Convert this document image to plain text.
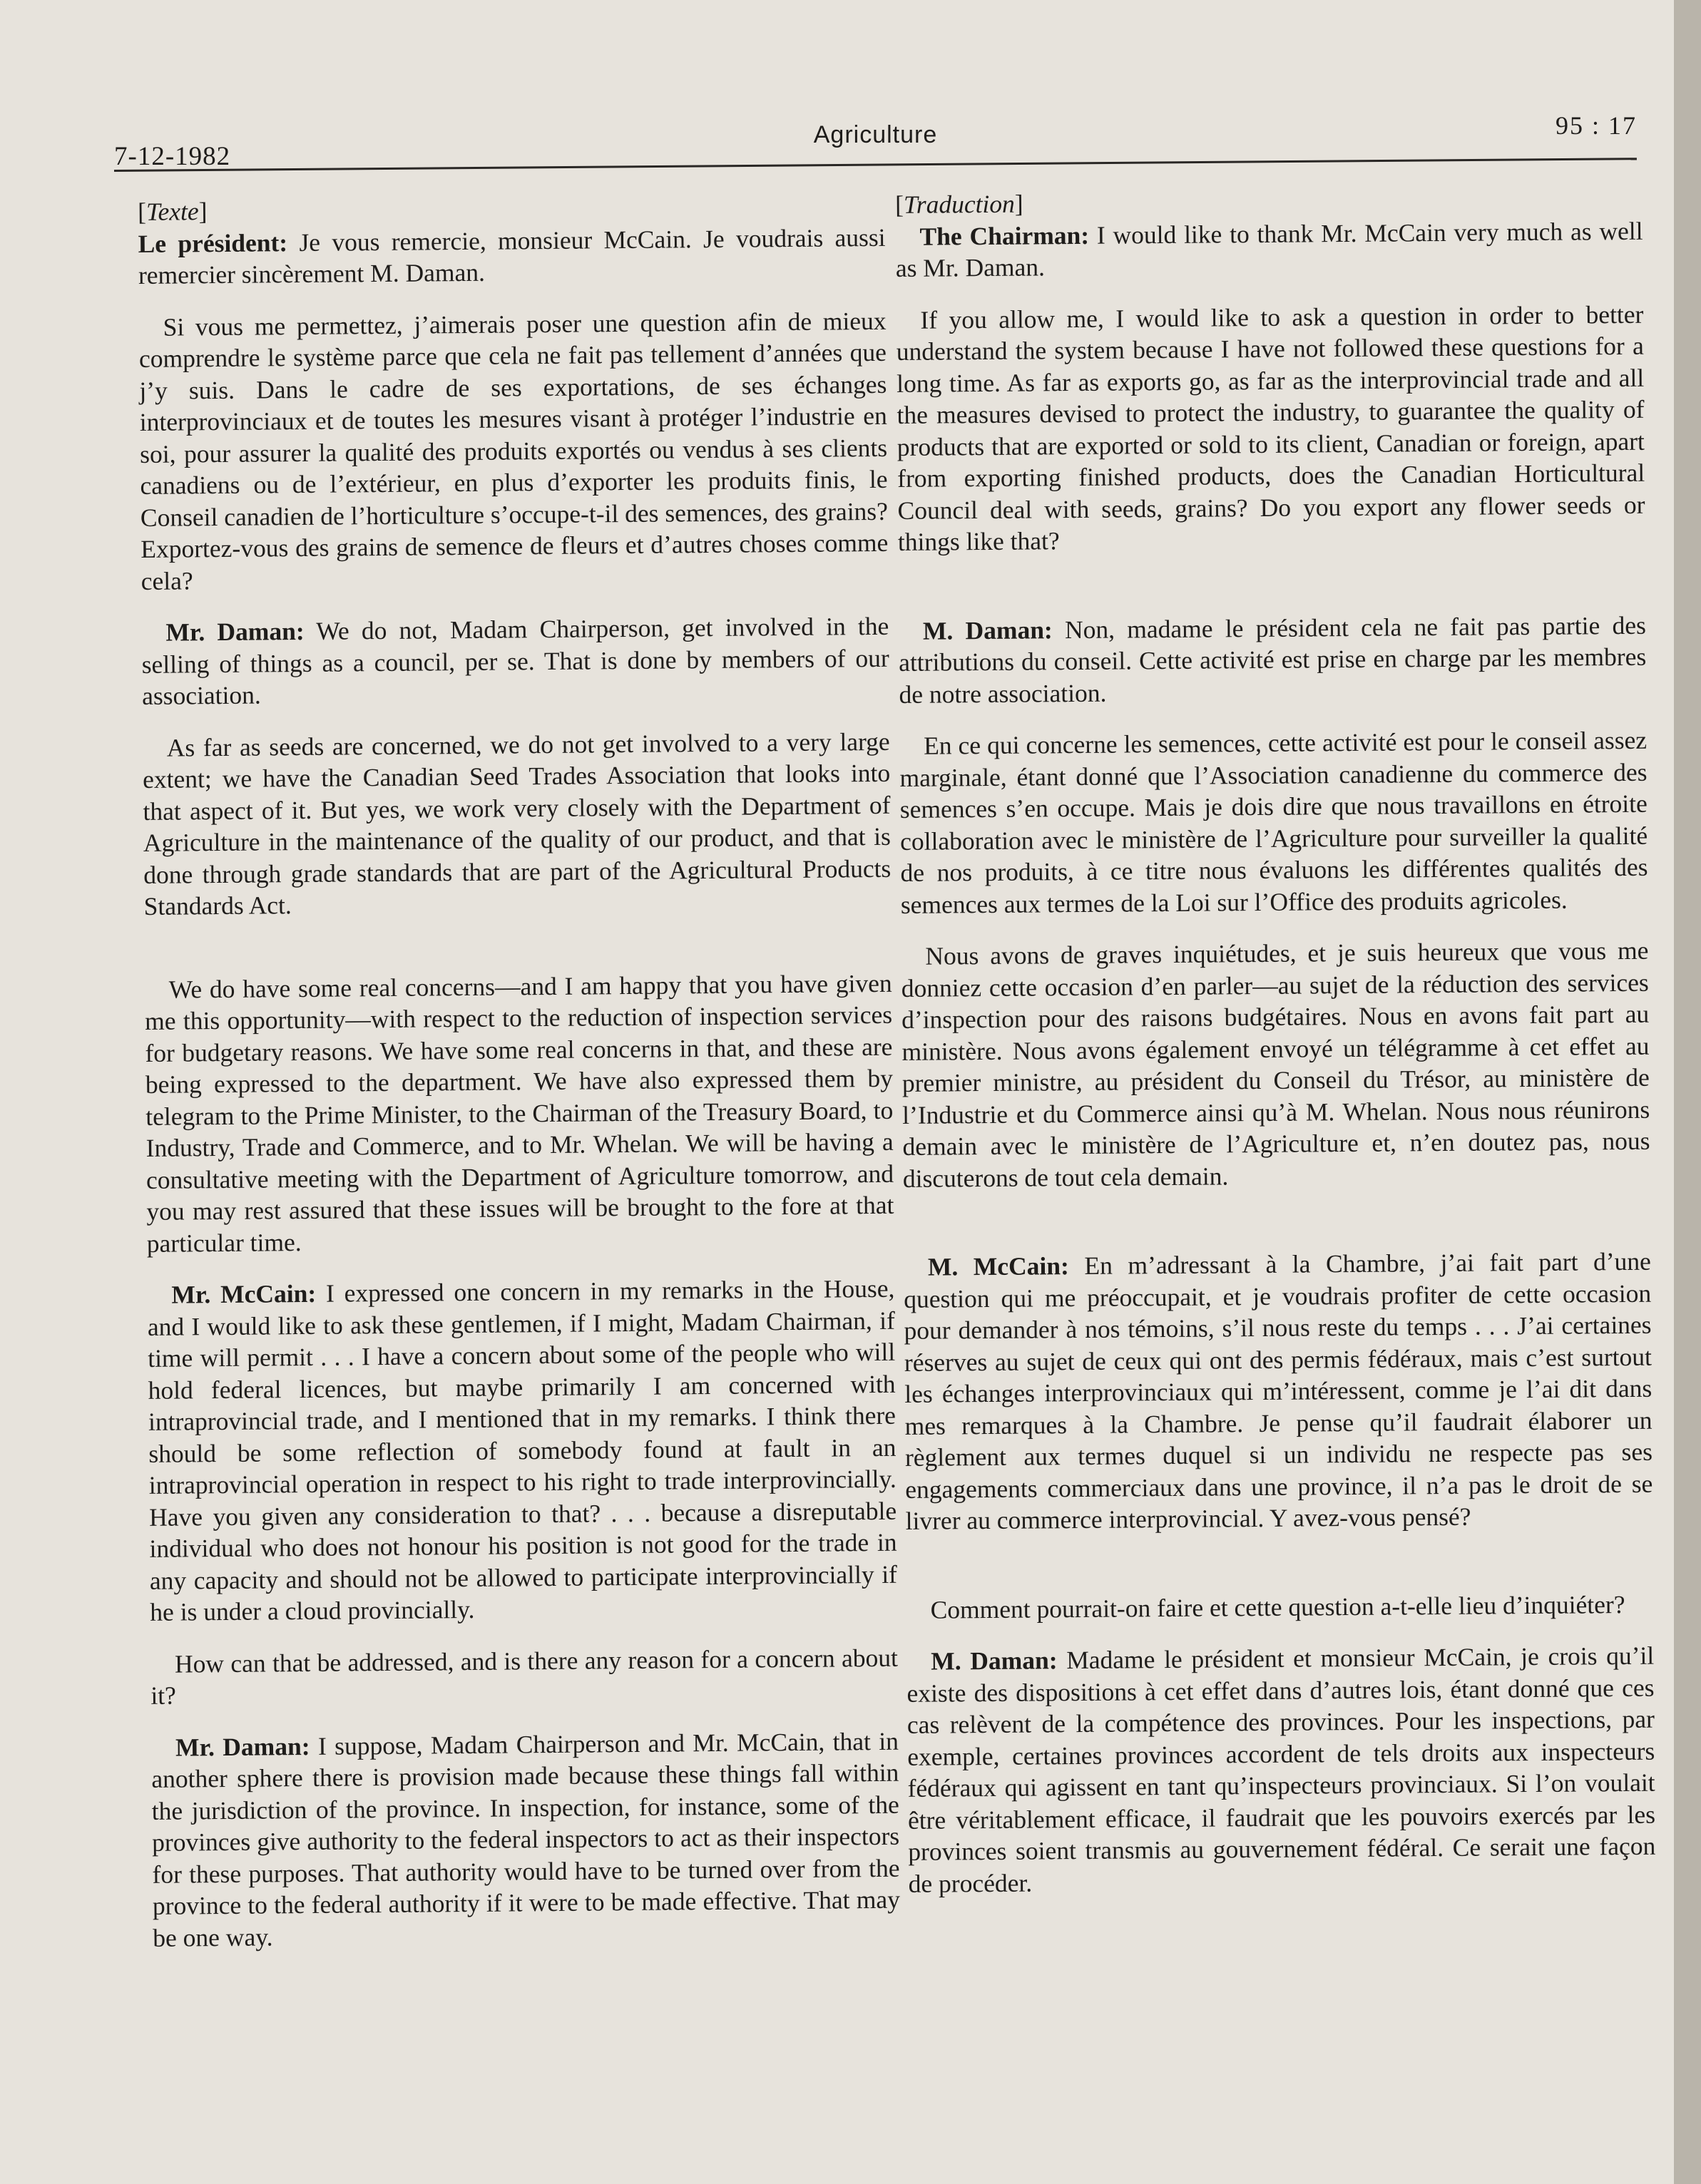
7-12-1982
Agriculture	95 : 17

[Texte]

Le président: Je vous remercie, monsieur McCain. Je voudrais aussi remercier sincèrement M. Daman.

Si vous me permettez, j’aimerais poser une question afin de mieux comprendre le système parce que cela ne fait pas tellement d’années que j’y suis. Dans le cadre de ses exportations, de ses échanges interprovinciaux et de toutes les mesures visant à protéger l’industrie en soi, pour assurer la qualité des produits exportés ou vendus à ses clients canadiens ou de l’extérieur, en plus d’exporter les produits finis, le Conseil canadien de l’horticulture s’occupe-t-il des semences, des grains? Exportez-vous des grains de semence de fleurs et d’autres choses comme cela?

Mr. Daman: We do not, Madam Chairperson, get involved in the selling of things as a council, per se. That is done by members of our association.

As far as seeds are concerned, we do not get involved to a very large extent; we have the Canadian Seed Trades Association that looks into that aspect of it. But yes, we work very closely with the Department of Agriculture in the maintenance of the quality of our product, and that is done through grade standards that are part of the Agricultural Products Standards Act.

We do have some real concerns—and I am happy that you have given me this opportunity—with respect to the reduction of inspection services for budgetary reasons. We have some real concerns in that, and these are being expressed to the department. We have also expressed them by telegram to the Prime Minister, to the Chairman of the Treasury Board, to Industry, Trade and Commerce, and to Mr. Whelan. We will be having a consultative meeting with the Department of Agriculture tomorrow, and you may rest assured that these issues will be brought to the fore at that particular time.

Mr. McCain: I expressed one concern in my remarks in the House, and I would like to ask these gentlemen, if I might, Madam Chairman, if time will permit . . . I have a concern about some of the people who will hold federal licences, but maybe primarily I am concerned with intraprovincial trade, and I mentioned that in my remarks. I think there should be some reflection of somebody found at fault in an intraprovincial operation in respect to his right to trade interprovincially. Have you given any consideration to that? . . . because a disreputable individual who does not honour his position is not good for the trade in any capacity and should not be allowed to participate interprovincially if he is under a cloud provincially.

How can that be addressed, and is there any reason for a concern about it?

Mr. Daman: I suppose, Madam Chairperson and Mr. McCain, that in another sphere there is provision made because these things fall within the jurisdiction of the province. In inspection, for instance, some of the provinces give authority to the federal inspectors to act as their inspectors for these purposes. That authority would have to be turned over from the province to the federal authority if it were to be made effective. That may be one way.

[Traduction]

The Chairman: I would like to thank Mr. McCain very much as well as Mr. Daman.

If you allow me, I would like to ask a question in order to better understand the system because I have not followed these questions for a long time. As far as exports go, as far as the interprovincial trade and all the measures devised to protect the industry, to guarantee the quality of products that are exported or sold to its client, Canadian or foreign, apart from exporting finished products, does the Canadian Horticultural Council deal with seeds, grains? Do you export any flower seeds or things like that?

M. Daman: Non, madame le président cela ne fait pas partie des attributions du conseil. Cette activité est prise en charge par les membres de notre association.

En ce qui concerne les semences, cette activité est pour le conseil assez marginale, étant donné que l’Association canadienne du commerce des semences s’en occupe. Mais je dois dire que nous travaillons en étroite collaboration avec le ministère de l’Agriculture pour surveiller la qualité de nos produits, à ce titre nous évaluons les différentes qualités des semences aux termes de la Loi sur l’Office des produits agricoles.

Nous avons de graves inquiétudes, et je suis heureux que vous me donniez cette occasion d’en parler—au sujet de la réduction des services d’inspection pour des raisons budgétaires. Nous en avons fait part au ministère. Nous avons également envoyé un télégramme à cet effet au premier ministre, au président du Conseil du Trésor, au ministère de l’Industrie et du Commerce ainsi qu’à M. Whelan. Nous nous réunirons demain avec le ministère de l’Agriculture et, n’en doutez pas, nous discuterons de tout cela demain.

M. McCain: En m’adressant à la Chambre, j’ai fait part d’une question qui me préoccupait, et je voudrais profiter de cette occasion pour demander à nos témoins, s’il nous reste du temps . . . J’ai certaines réserves au sujet de ceux qui ont des permis fédéraux, mais c’est surtout les échanges interprovinciaux qui m’intéressent, comme je l’ai dit dans mes remarques à la Chambre. Je pense qu’il faudrait élaborer un règlement aux termes duquel si un individu ne respecte pas ses engagements commerciaux dans une province, il n’a pas le droit de se livrer au commerce interprovincial. Y avez-vous pensé?

Comment pourrait-on faire et cette question a-t-elle lieu d’inquiéter?

M. Daman: Madame le président et monsieur McCain, je crois qu’il existe des dispositions à cet effet dans d’autres lois, étant donné que ces cas relèvent de la compétence des provinces. Pour les inspections, par exemple, certaines provinces accordent de tels droits aux inspecteurs fédéraux qui agissent en tant qu’inspecteurs provinciaux. Si l’on voulait être véritablement efficace, il faudrait que les pouvoirs exercés par les provinces soient transmis au gouvernement fédéral. Ce serait une façon de procéder.
